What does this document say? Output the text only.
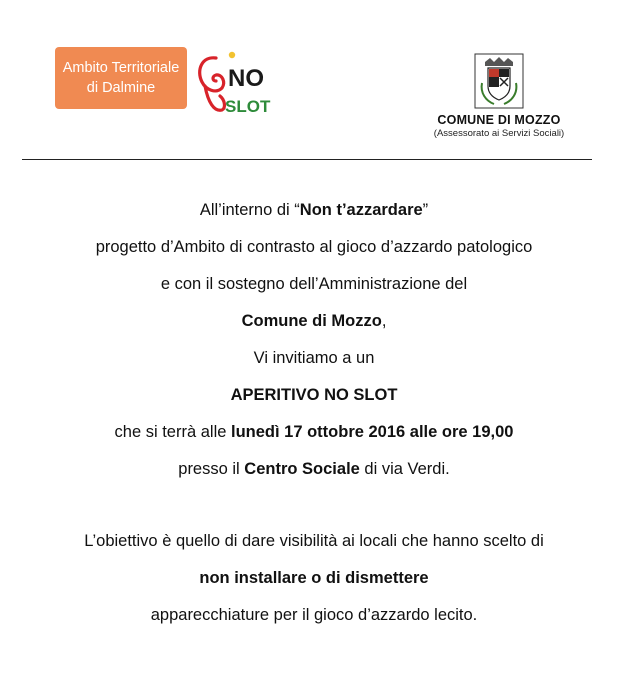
Ambito Territoriale
di Dalmine	NO
SLOT
COMUNE DI MOZZO
(Assessorato ai Servizi Sociali)
All’interno di “Non t’azzardare”
progetto d’Ambito di contrasto al gioco d’azzardo patologico
e con il sostegno dell’Amministrazione del
Comune di Mozzo,
Vi invitiamo a un
APERITIVO NO SLOT
che si terrà alle lunedì 17 ottobre 2016 alle ore 19,00
presso il Centro Sociale di via Verdi.
L’obiettivo è quello di dare visibilità ai locali che hanno scelto di
non installare o di dismettere
apparecchiature per il gioco d’azzardo lecito.
